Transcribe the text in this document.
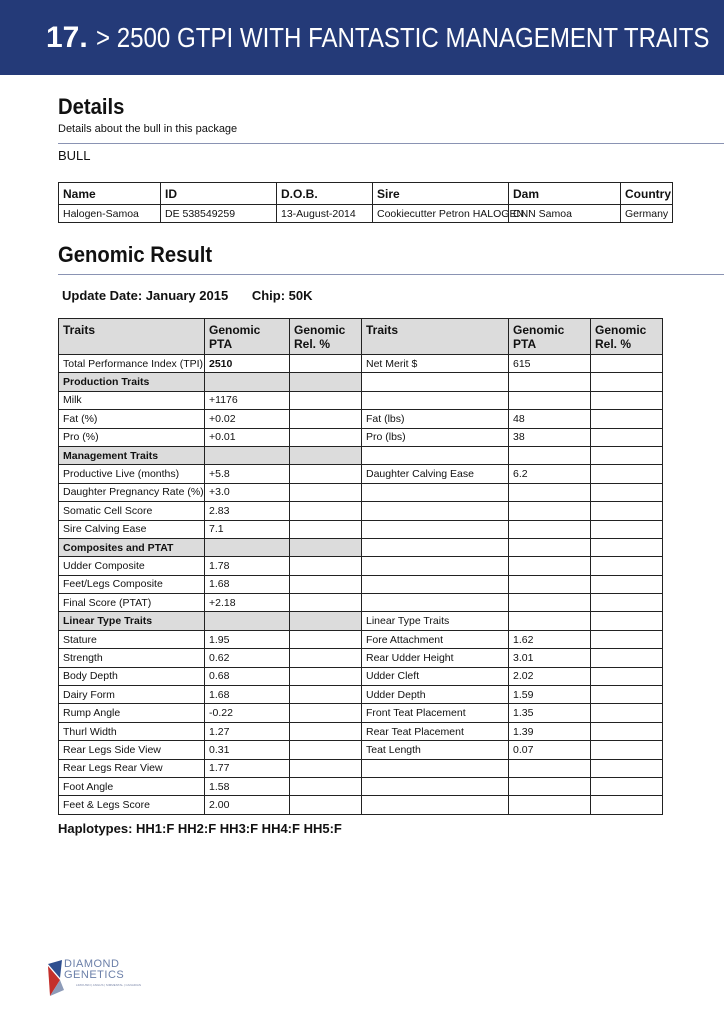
17. > 2500 GTPI WITH FANTASTIC MANAGEMENT TRAITS
Details
Details about the bull in this package
BULL
Name	ID	D.O.B.	Sire	Dam	Country
Halogen-Samoa	DE 538549259	13-August-2014	Cookiecutter Petron HALOGEN	CNN Samoa	Germany
Genomic Result
Update Date: January 2015 Chip: 50K
Traits	Genomic PTA	Genomic Rel. %	Traits	Genomic PTA	Genomic Rel. %
Total Performance Index (TPI)	2510		Net Merit $	615	
Production Traits					
Milk	+1176				
Fat (%)	+0.02		Fat (lbs)	48	
Pro (%)	+0.01		Pro (lbs)	38	
Management Traits					
Productive Live (months)	+5.8		Daughter Calving Ease	6.2	
Daughter Pregnancy Rate (%)	+3.0				
Somatic Cell Score	2.83				
Sire Calving Ease	7.1				
Composites and PTAT					
Udder Composite	1.78				
Feet/Legs Composite	1.68				
Final Score (PTAT)	+2.18				
Linear Type Traits			Linear Type Traits		
Stature	1.95		Fore Attachment	1.62	
Strength	0.62		Rear Udder Height	3.01	
Body Depth	0.68		Udder Cleft	2.02	
Dairy Form	1.68		Udder Depth	1.59	
Rump Angle	-0.22		Front Teat Placement	1.35	
Thurl Width	1.27		Rear Teat Placement	1.39	
Rear Legs Side View	0.31		Teat Length	0.07	
Rear Legs Rear View	1.77				
Foot Angle	1.58				
Feet & Legs Score	2.00				
Haplotypes: HH1:F HH2:F HH3:F HH4:F HH5:F
DIAMOND
GENETICS
LIMOUSIN | ANGUS | SIMMENTAL | CANADIAN
